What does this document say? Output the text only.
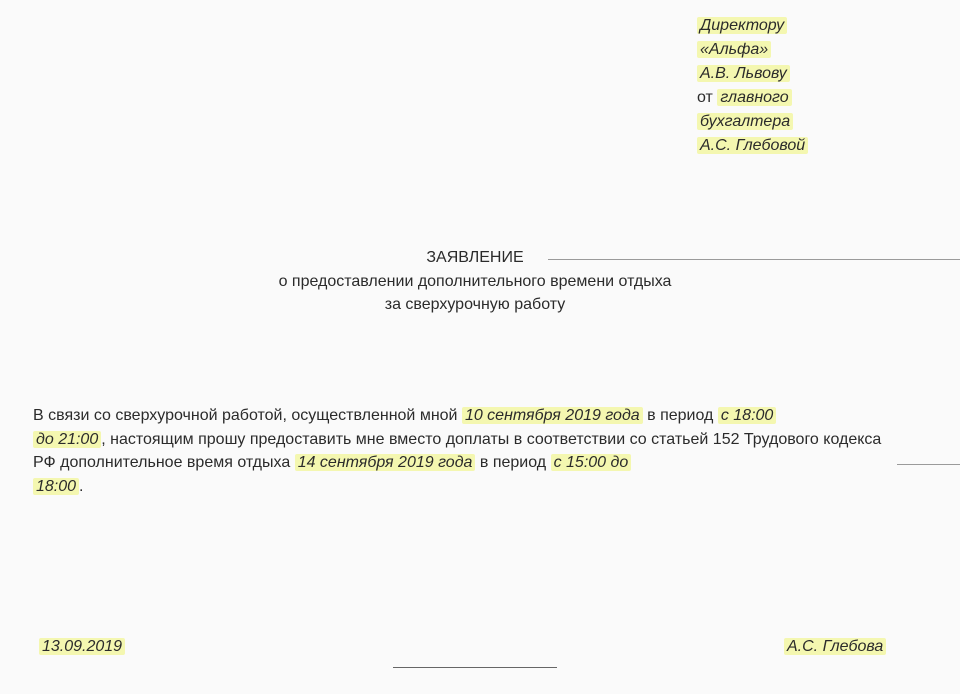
Директору
«Альфа»
А.В. Львову
от главного
бухгалтера
А.С. Глебовой
ЗАЯВЛЕНИЕ
о предоставлении дополнительного времени отдыха
за сверхурочную работу
В связи со сверхурочной работой, осуществленной мной 10 сентября 2019 года в период с 18:00
до 21:00 , настоящим прошу предоставить мне вместо доплаты в соответствии со статьей 152 Трудового кодекса РФ дополнительное время отдыха 14 сентября 2019 года в период с 15:00 до
18:00 .
13.09.2019	А.С. Глебова
